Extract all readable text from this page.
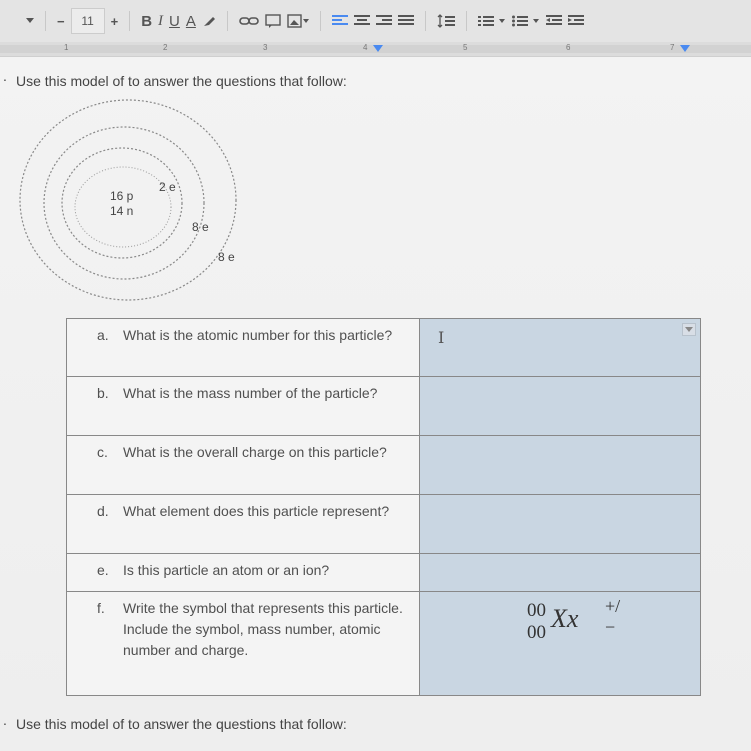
−	11	+ B I U A
1	2	3	4	5	6	7
. Use this model of to answer the questions that follow:
16 p
14 n
2 e
8 e
8 e
a. What is the atomic number for this particle?	I

b. What is the mass number of the particle?	

c. What is the overall charge on this particle?	

d. What element does this particle represent?	

e. Is this particle an atom or an ion?	

f. Write the symbol that represents this particle. Include the symbol, mass number, atomic number and charge.	00
00 Xx +/−
. Use this model of to answer the questions that follow:
